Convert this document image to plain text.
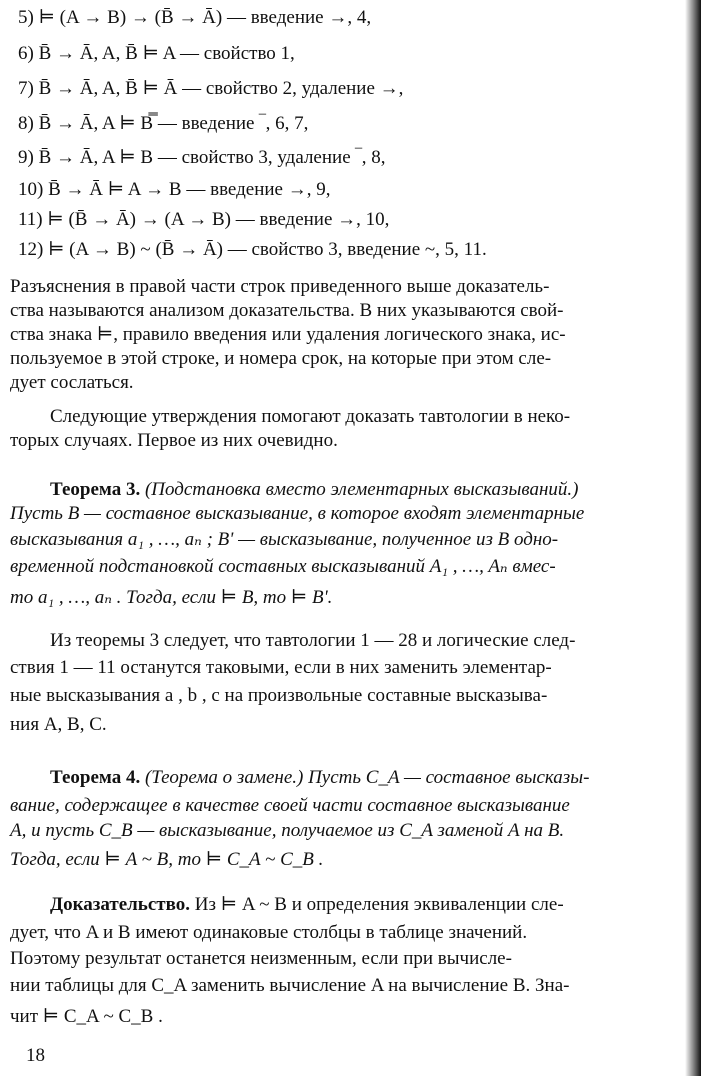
5) ⊨ (A → B) → (B̄ → Ā) — введение →, 4,
6) B̄ → Ā, A, B̄ ⊨ A — свойство 1,
7) B̄ → Ā, A, B̄ ⊨ Ā — свойство 2, удаление →,
8) B̄ → Ā, A ⊨ B̿ — введение ‾, 6, 7,
9) B̄ → Ā, A ⊨ B — свойство 3, удаление ‾, 8,
10) B̄ → Ā ⊨ A → B — введение →, 9,
11) ⊨ (B̄ → Ā) → (A → B) — введение →, 10,
12) ⊨ (A → B) ~ (B̄ → Ā) — свойство 3, введение ~, 5, 11.
Разъяснения в правой части строк приведенного выше доказатель-
ства называются анализом доказательства. В них указываются свой-
ства знака ⊨, правило введения или удаления логического знака, ис-
пользуемое в этой строке, и номера срок, на которые при этом сле-
дует сослаться.
Следующие утверждения помогают доказать тавтологии в неко-
торых случаях. Первое из них очевидно.
Теорема 3. (Подстановка вместо элементарных высказываний.)
Пусть B — составное высказывание, в которое входят элементарные
высказывания a₁ , …, aₙ ; B' — высказывание, полученное из B одно-
временной подстановкой составных высказываний A₁ , …, Aₙ вмес-
то a₁ , …, aₙ . Тогда, если ⊨ B, то ⊨ B'.
Из теоремы 3 следует, что тавтологии 1 — 28 и логические след-
ствия 1 — 11 останутся таковыми, если в них заменить элементар-
ные высказывания a , b , c на произвольные составные высказыва-
ния A, B, C.
Теорема 4. (Теорема о замене.) Пусть C_A — составное высказы-
вание, содержащее в качестве своей части составное высказывание
A, и пусть C_B — высказывание, получаемое из C_A заменой A на B.
Тогда, если ⊨ A ~ B, то ⊨ C_A ~ C_B .
Доказательство. Из ⊨ A ~ B и определения эквиваленции сле-
дует, что A и B имеют одинаковые столбцы в таблице значений.
Поэтому результат останется неизменным, если при вычисле-
нии таблицы для C_A заменить вычисление A на вычисление B. Зна-
чит ⊨ C_A ~ C_B .
18
